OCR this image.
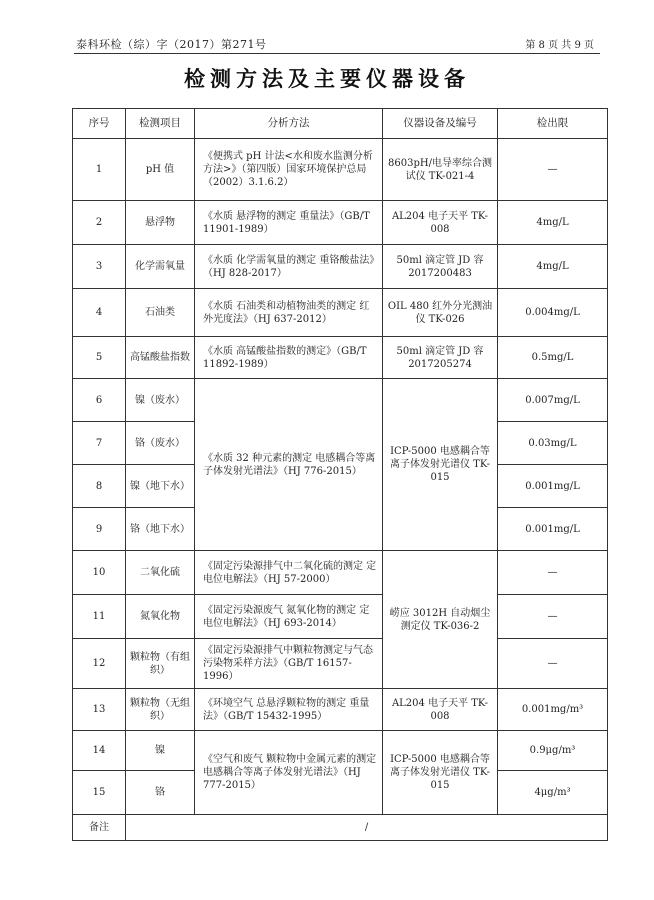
泰科环检（综）字（2017）第271号	第 8 页 共 9 页
检测方法及主要仪器设备
序号	检测项目	分析方法	仪器设备及编号	检出限
1	pH 值	《便携式 pH 计法<水和废水监测分析方法>》（第四版）国家环境保护总局（2002）3.1.6.2）	8603pH/电导率综合测试仪 TK-021-4	—
2	悬浮物	《水质 悬浮物的测定 重量法》（GB/T 11901-1989）	AL204 电子天平 TK-008	4mg/L
3	化学需氧量	《水质 化学需氧量的测定 重铬酸盐法》（HJ 828-2017）	50ml 滴定管 JD 容 2017200483	4mg/L
4	石油类	《水质 石油类和动植物油类的测定 红外光度法》（HJ 637-2012）	OIL 480 红外分光测油仪 TK-026	0.004mg/L
5	高锰酸盐指数	《水质 高锰酸盐指数的测定》（GB/T 11892-1989）	50ml 滴定管 JD 容 2017205274	0.5mg/L
6	镍（废水）	《水质 32 种元素的测定 电感耦合等离子体发射光谱法》（HJ 776-2015）	ICP-5000 电感耦合等离子体发射光谱仪 TK-015	0.007mg/L
7	铬（废水）			0.03mg/L
8	镍（地下水）			0.001mg/L
9	铬（地下水）			0.001mg/L
10	二氧化硫	《固定污染源排气中二氧化硫的测定 定电位电解法》（HJ 57-2000）	崂应 3012H 自动烟尘测定仪 TK-036-2	—
11	氮氧化物	《固定污染源废气 氮氧化物的测定 定电位电解法》（HJ 693-2014）		—
12	颗粒物（有组织）	《固定污染源排气中颗粒物测定与气态污染物采样方法》（GB/T 16157-1996）		—
13	颗粒物（无组织）	《环境空气 总悬浮颗粒物的测定 重量法》（GB/T 15432-1995）	AL204 电子天平 TK-008	0.001mg/m³
14	镍	《空气和废气 颗粒物中金属元素的测定 电感耦合等离子体发射光谱法》（HJ 777-2015）	ICP-5000 电感耦合等离子体发射光谱仪 TK-015	0.9μg/m³
15	铬			4μg/m³
备注	/			
